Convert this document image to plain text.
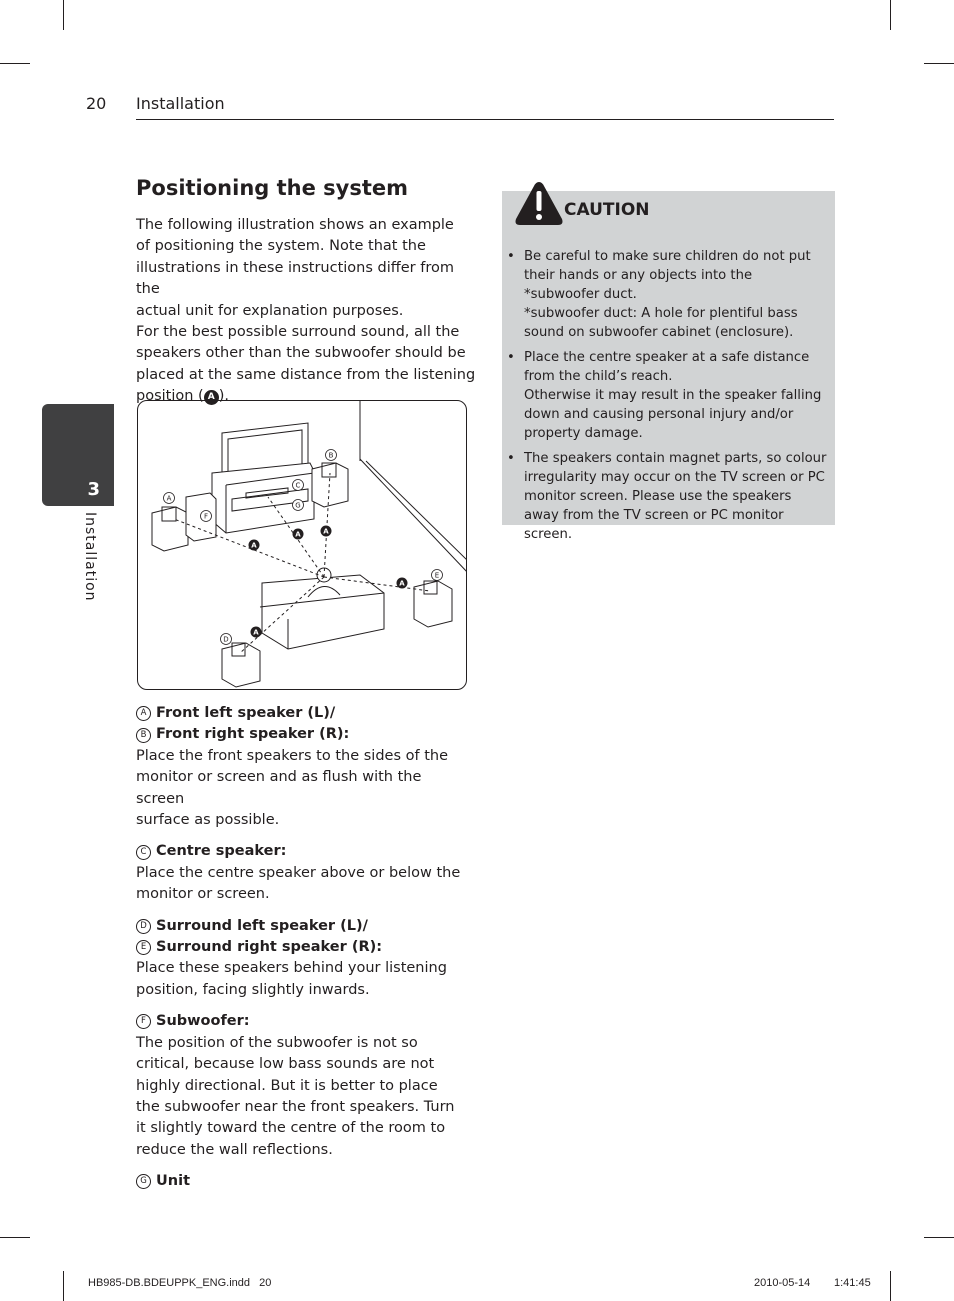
20 Installation
3
Installation
Positioning the system

The following illustration shows an example
of positioning the system. Note that the
illustrations in these instructions differ from the
actual unit for explanation purposes.
For the best possible surround sound, all the
speakers other than the subwoofer should be
placed at the same distance from the listening
position ( A ).

A
A	A
A
A
A
B
C
G
F
D
E
A Front left speaker (L)/
B Front right speaker (R):
Place the front speakers to the sides of the
monitor or screen and as flush with the screen
surface as possible.
C Centre speaker:
Place the centre speaker above or below the
monitor or screen.
D Surround left speaker (L)/
E Surround right speaker (R):
Place these speakers behind your listening
position, facing slightly inwards.
F Subwoofer:
The position of the subwoofer is not so
critical, because low bass sounds are not
highly directional. But it is better to place
the subwoofer near the front speakers. Turn
it slightly toward the centre of the room to
reduce the wall reflections.
G Unit
CAUTION
• Be careful to make sure children do not put their hands or any objects into the *subwoofer duct.
*subwoofer duct: A hole for plentiful bass sound on subwoofer cabinet (enclosure).
• Place the centre speaker at a safe distance from the child’s reach.
Otherwise it may result in the speaker falling down and causing personal injury and/or property damage.
• The speakers contain magnet parts, so colour irregularity may occur on the TV screen or PC monitor screen. Please use the speakers away from the TV screen or PC monitor screen.
HB985-DB.BDEUPPK_ENG.indd   20	2010-05-14 1:41:45
